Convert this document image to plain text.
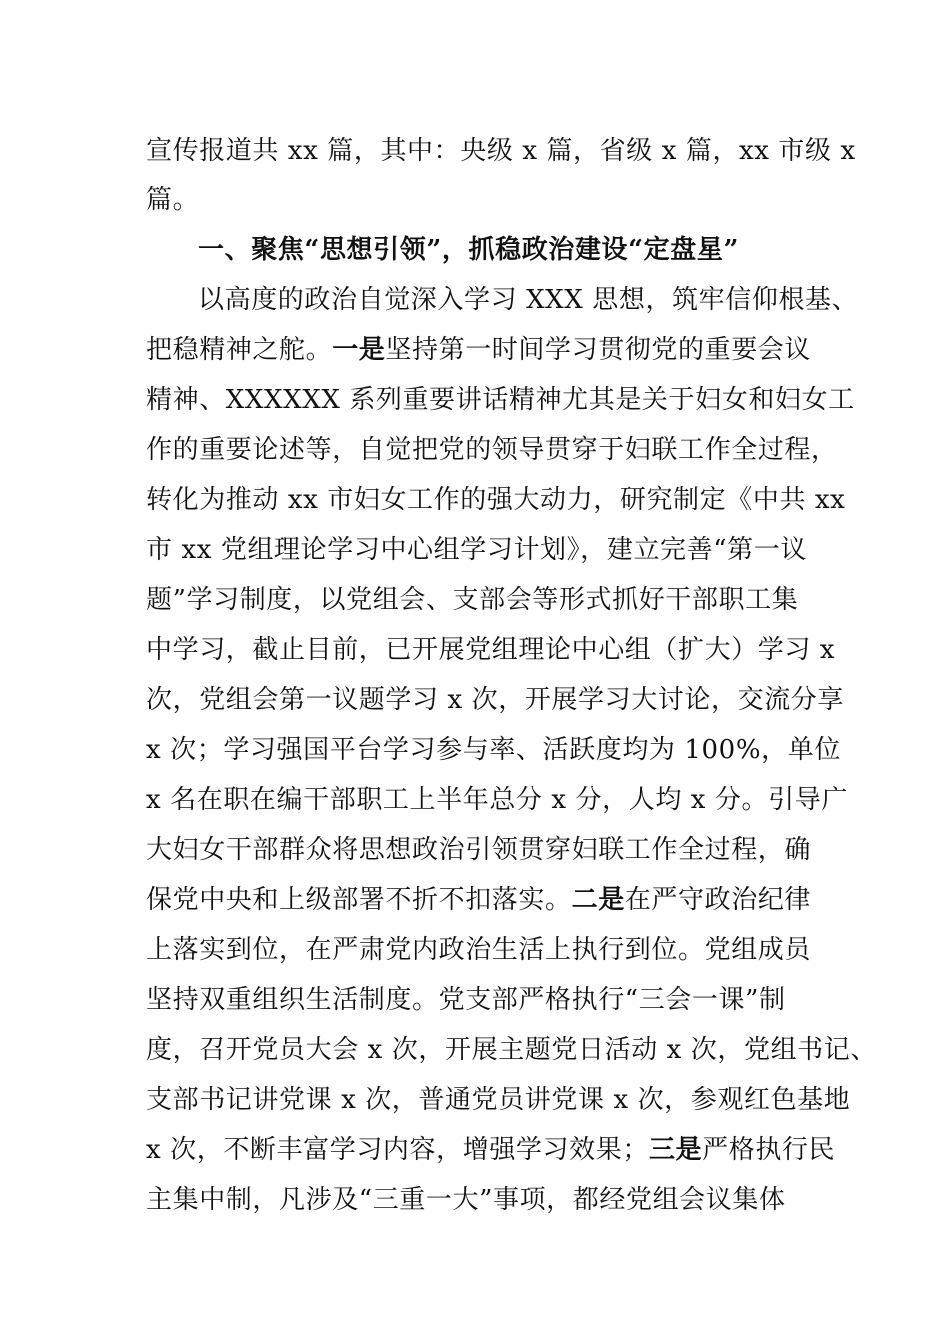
宣传报道共 xx 篇，其中：央级 x 篇，省级 x 篇，xx 市级 x
篇。
一、聚焦“思想引领”，抓稳政治建设“定盘星”
以高度的政治自觉深入学习 XXX 思想，筑牢信仰根基、
把稳精神之舵。一是坚持第一时间学习贯彻党的重要会议
精神、XXXXXX 系列重要讲话精神尤其是关于妇女和妇女工
作的重要论述等，自觉把党的领导贯穿于妇联工作全过程，
转化为推动 xx 市妇女工作的强大动力，研究制定《中共 xx
市 xx 党组理论学习中心组学习计划》，建立完善“第一议
题”学习制度，以党组会、支部会等形式抓好干部职工集
中学习，截止目前，已开展党组理论中心组（扩大）学习 x
次，党组会第一议题学习 x 次，开展学习大讨论，交流分享
x 次；学习强国平台学习参与率、活跃度均为 100%，单位
x 名在职在编干部职工上半年总分 x 分，人均 x 分。引导广
大妇女干部群众将思想政治引领贯穿妇联工作全过程，确
保党中央和上级部署不折不扣落实。二是在严守政治纪律
上落实到位，在严肃党内政治生活上执行到位。党组成员
坚持双重组织生活制度。党支部严格执行“三会一课”制
度，召开党员大会 x 次，开展主题党日活动 x 次，党组书记、
支部书记讲党课 x 次，普通党员讲党课 x 次，参观红色基地
x 次，不断丰富学习内容，增强学习效果；三是严格执行民
主集中制，凡涉及“三重一大”事项，都经党组会议集体
